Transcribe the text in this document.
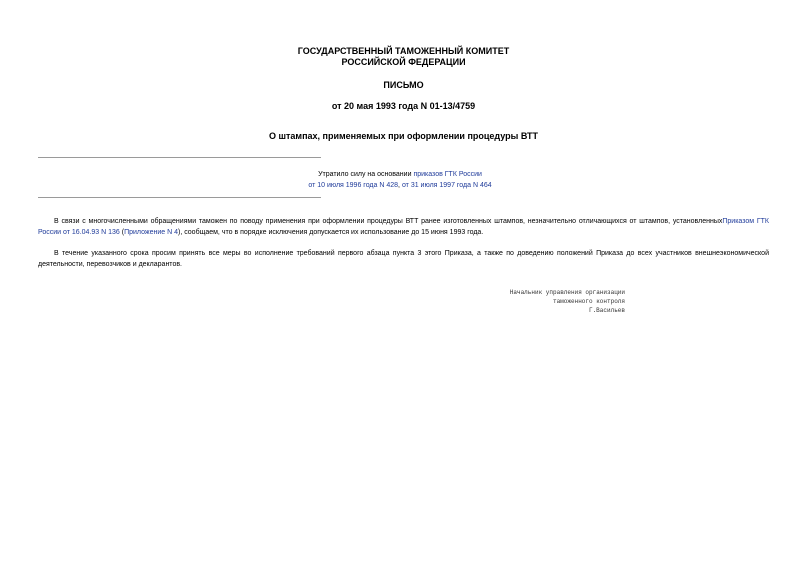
ГОСУДАРСТВЕННЫЙ ТАМОЖЕННЫЙ КОМИТЕТ
РОССИЙСКОЙ ФЕДЕРАЦИИ
ПИСЬМО
от 20 мая 1993 года N 01-13/4759
О штампах, применяемых при оформлении процедуры ВТТ
Утратило силу на основании приказов ГТК России
от 10 июля 1996 года N 428, от 31 июля 1997 года N 464
В связи с многочисленными обращениями таможен по поводу применения при оформлении процедуры ВТТ ранее изготовленных штампов, незначительно отличающихся от штампов, установленныхПриказом ГТК России от 16.04.93 N 136 (Приложение N 4), сообщаем, что в порядке исключения допускается их использование до 15 июня 1993 года.
В течение указанного срока просим принять все меры во исполнение требований первого абзаца пункта 3 этого Приказа, а также по доведению положений Приказа до всех участников внешнеэкономической деятельности, перевозчиков и декларантов.
Начальник управления организации
таможенного контроля
Г.Васильев
